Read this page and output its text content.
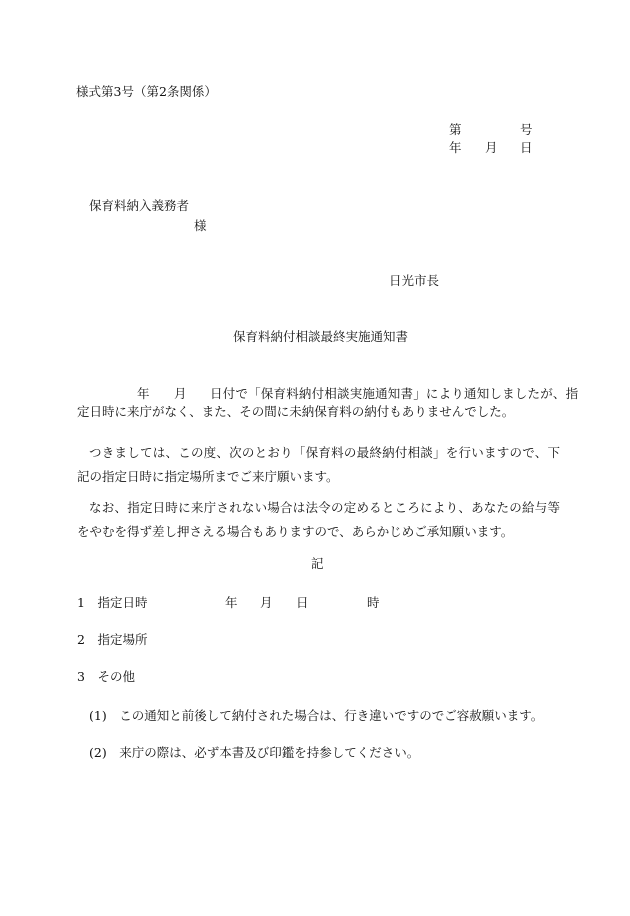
様式第3号（第2条関係）
第	号
年 月 日
保育料納入義務者
様
日光市長
保育料納付相談最終実施通知書
年 月 日付で「保育料納付相談実施通知書」により通知しましたが、指
定日時に来庁がなく、また、その間に未納保育料の納付もありませんでした。

つきましては、この度、次のとおり「保育料の最終納付相談」を行いますので、下記の指定日時に指定場所までご来庁願います。

なお、指定日時に来庁されない場合は法令の定めるところにより、あなたの給与等をやむを得ず差し押さえる場合もありますので、あらかじめご承知願います。

記
1　指定日時	年 月 日	時
2　指定場所
3　その他
(1)　この通知と前後して納付された場合は、行き違いですのでご容赦願います。
(2)　来庁の際は、必ず本書及び印鑑を持参してください。
